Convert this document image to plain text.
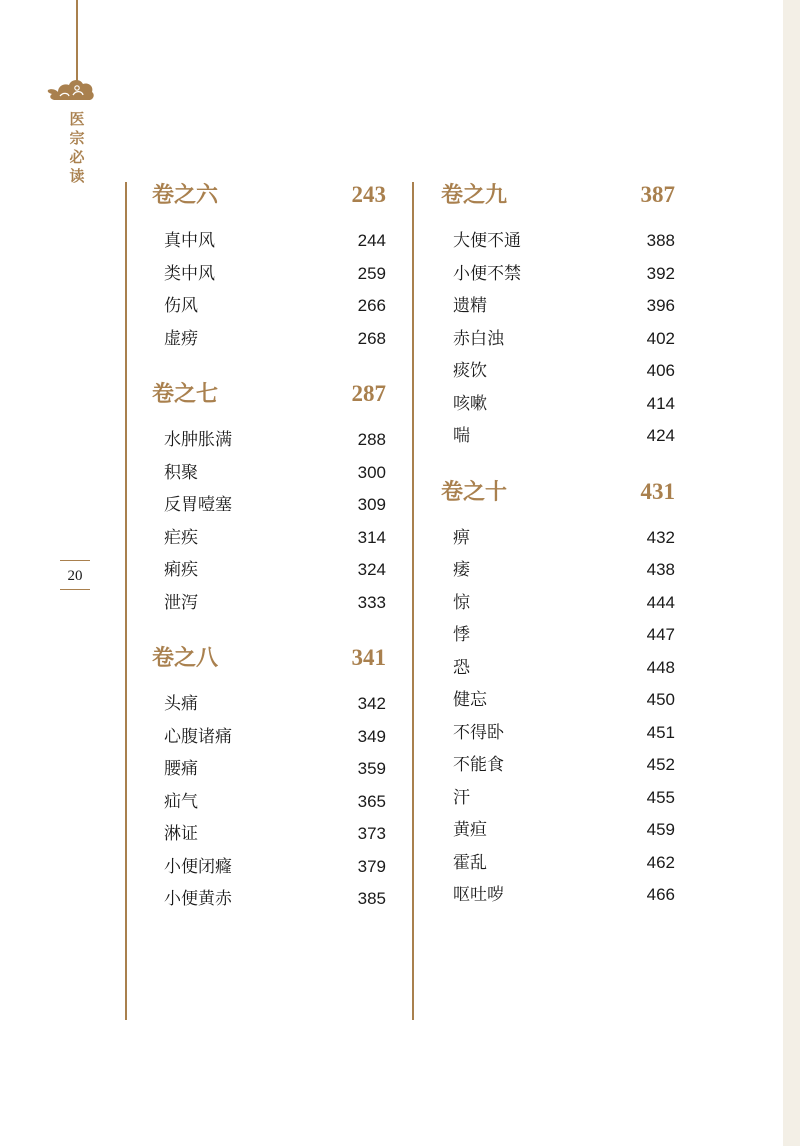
医宗必读
20
卷之六	243
真中风	244
类中风	259
伤风	266
虚痨	268
卷之七	287
水肿胀满	288
积聚	300
反胃噎塞	309
疟疾	314
痢疾	324
泄泻	333
卷之八	341
头痛	342
心腹诸痛	349
腰痛	359
疝气	365
淋证	373
小便闭癃	379
小便黄赤	385
卷之九	387
大便不通	388
小便不禁	392
遗精	396
赤白浊	402
痰饮	406
咳嗽	414
喘	424
卷之十	431
痹	432
痿	438
惊	444
悸	447
恐	448
健忘	450
不得卧	451
不能食	452
汗	455
黄疸	459
霍乱	462
呕吐哕	466
